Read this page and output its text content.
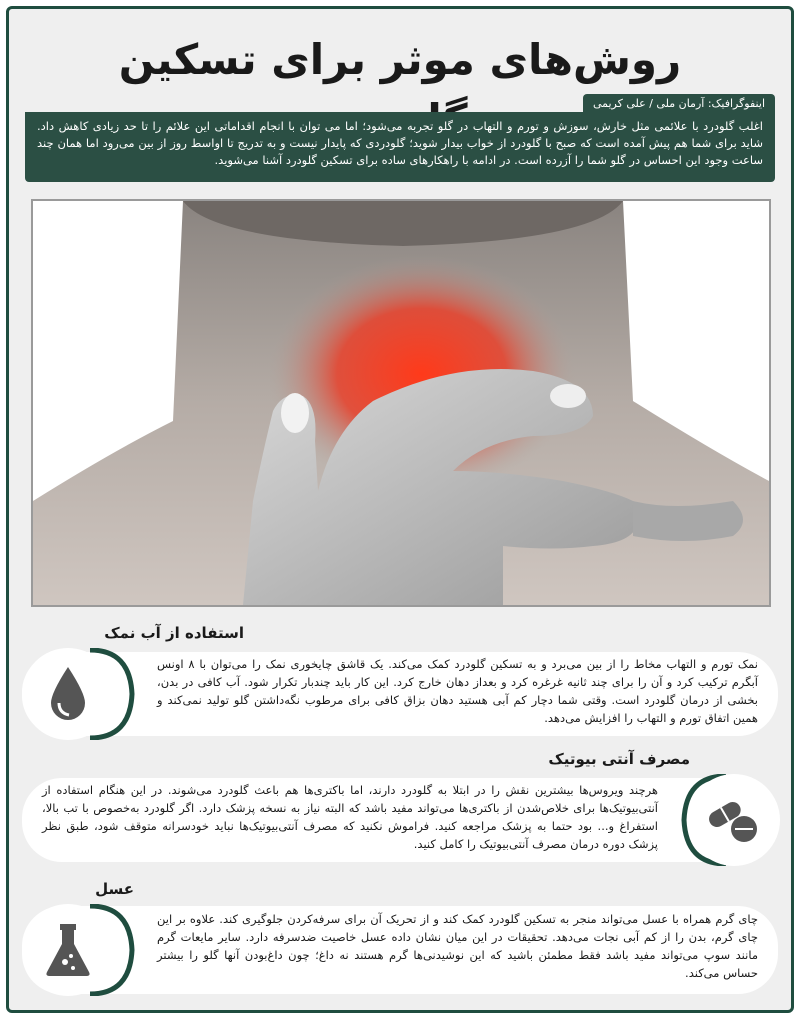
روش‌های موثر برای تسکین
اینفوگرافیک: آرمان ملی / علی کریمی

اغلب گلودرد با علائمی مثل خارش، سوزش و تورم و التهاب در گلو تجربه می‌شود؛ اما می توان با انجام اقداماتی این علائم را تا حد زیادی کاهش داد. شاید برای شما هم پیش آمده است که صبح با گلودرد از خواب بیدار شوید؛ گلودردی که پایدار نیست و به تدریج تا اواسط روز از بین می‌رود اما همان چند ساعت وجود این احساس در گلو شما را آزرده است. در ادامه با راهکارهای ساده برای تسکین گلودرد آشنا می‌شوید.

استفاده از آب نمک

نمک تورم و التهاب مخاط را از بین می‌برد و به تسکین گلودرد کمک می‌کند. یک قاشق چایخوری نمک را می‌توان با ۸ اونس آبگرم ترکیب کرد و آن را برای چند ثانیه غرغره کرد و بعداز دهان خارج کرد. این کار باید چندبار تکرار شود. آب کافی در بدن، بخشی از درمان گلودرد است. وقتی شما دچار کم آبی هستید دهان بزاق کافی برای مرطوب نگه‌داشتن گلو تولید نمی‌کند و همین اتفاق تورم و التهاب را افزایش می‌دهد.

مصرف آنتی بیوتیک

هرچند ویروس‌ها بیشترین نقش را در ابتلا به گلودرد دارند، اما باکتری‌ها هم باعث گلودرد می‌شوند. در این هنگام استفاده از آنتی‌بیوتیک‌ها برای خلاص‌شدن از باکتری‌ها می‌تواند مفید باشد که البته نیاز به نسخه پزشک دارد. اگر گلودرد به‌خصوص با تب بالا، استفراغ و... بود حتما به پزشک مراجعه کنید. فراموش نکنید که مصرف آنتی‌بیوتیک‌ها نباید خودسرانه متوقف شود، طبق نظر پزشک دوره درمان مصرف آنتی‌بیوتیک را کامل کنید.

عسل

چای گرم همراه با عسل می‌تواند منجر به تسکین گلودرد کمک کند و از تحریک آن برای سرفه‌کردن جلوگیری کند. علاوه بر این چای گرم، بدن را از کم آبی نجات می‌دهد. تحقیقات در این میان نشان داده عسل خاصیت ضدسرفه دارد. سایر مایعات گرم مانند سوپ می‌تواند مفید باشد فقط مطمئن باشید که این نوشیدنی‌ها گرم هستند نه داغ؛ چون داغ‌بودن آنها گلو را بیشتر حساس می‌کند.
